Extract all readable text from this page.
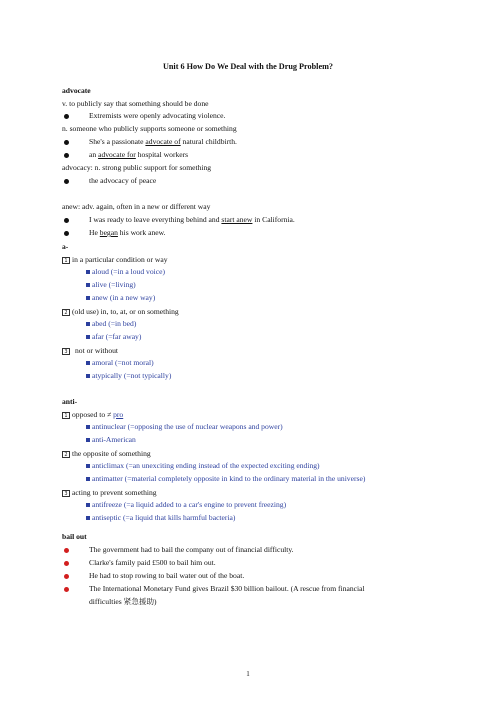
Unit 6 How Do We Deal with the Drug Problem?
advocate
v. to publicly say that something should be done
Extremists were openly advocating violence.
n. someone who publicly supports someone or something
She's a passionate advocate of natural childbirth.
an advocate for hospital workers
advocacy: n. strong public support for something
the advocacy of peace
anew: adv. again, often in a new or different way
I was ready to leave everything behind and start anew in California.
He began his work anew.
a-
1 in a particular condition or way
aloud (=in a loud voice)
alive (=living)
anew (in a new way)
2 (old use) in, to, at, or on something
abed (=in bed)
afar (=far away)
3 not or without
amoral (=not moral)
atypically (=not typically)
anti-
1 opposed to ≠ pro
antinuclear (=opposing the use of nuclear weapons and power)
anti-American
2 the opposite of something
anticlimax (=an unexciting ending instead of the expected exciting ending)
antimatter (=material completely opposite in kind to the ordinary material in the universe)
3 acting to prevent something
antifreeze (=a liquid added to a car's engine to prevent freezing)
antiseptic (=a liquid that kills harmful bacteria)
bail out
The government had to bail the company out of financial difficulty.
Clarke's family paid £500 to bail him out.
He had to stop rowing to bail water out of the boat.
The International Monetary Fund gives Brazil $30 billion bailout. (A rescue from financial
difficulties 紧急援助)
1
